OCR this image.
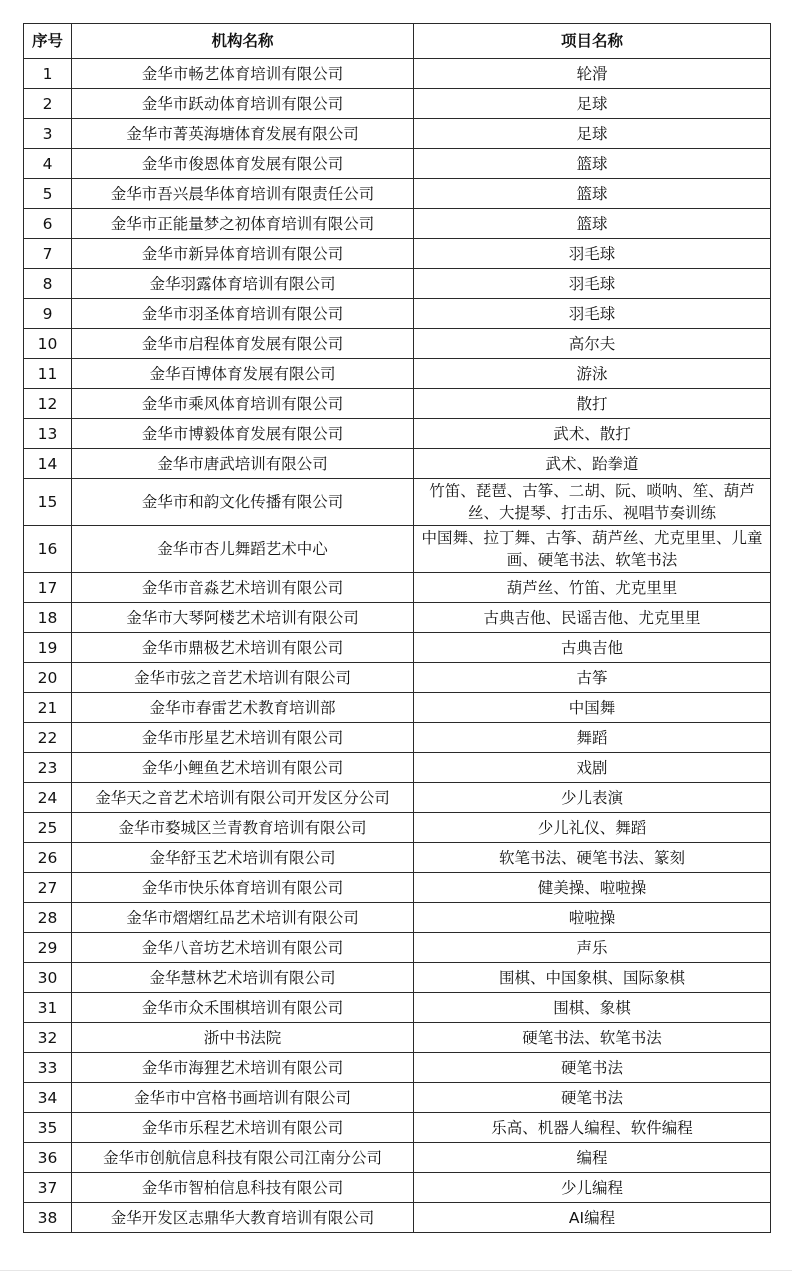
序号	机构名称	项目名称
1	金华市畅艺体育培训有限公司	轮滑
2	金华市跃动体育培训有限公司	足球
3	金华市菁英海塘体育发展有限公司	足球
4	金华市俊恩体育发展有限公司	篮球
5	金华市吾兴晨华体育培训有限责任公司	篮球
6	金华市正能量梦之初体育培训有限公司	篮球
7	金华市新异体育培训有限公司	羽毛球
8	金华羽露体育培训有限公司	羽毛球
9	金华市羽圣体育培训有限公司	羽毛球
10	金华市启程体育发展有限公司	高尔夫
11	金华百博体育发展有限公司	游泳
12	金华市乘风体育培训有限公司	散打
13	金华市博毅体育发展有限公司	武术、散打
14	金华市唐武培训有限公司	武术、跆拳道
15	金华市和韵文化传播有限公司	竹笛、琵琶、古筝、二胡、阮、唢呐、笙、葫芦丝、大提琴、打击乐、视唱节奏训练
16	金华市杏儿舞蹈艺术中心	中国舞、拉丁舞、古筝、葫芦丝、尤克里里、儿童画、硬笔书法、软笔书法
17	金华市音淼艺术培训有限公司	葫芦丝、竹笛、尤克里里
18	金华市大琴阿楼艺术培训有限公司	古典吉他、民谣吉他、尤克里里
19	金华市鼎极艺术培训有限公司	古典吉他
20	金华市弦之音艺术培训有限公司	古筝
21	金华市春雷艺术教育培训部	中国舞
22	金华市彤星艺术培训有限公司	舞蹈
23	金华小鲤鱼艺术培训有限公司	戏剧
24	金华天之音艺术培训有限公司开发区分公司	少儿表演
25	金华市婺城区兰青教育培训有限公司	少儿礼仪、舞蹈
26	金华舒玉艺术培训有限公司	软笔书法、硬笔书法、篆刻
27	金华市快乐体育培训有限公司	健美操、啦啦操
28	金华市熠熠红品艺术培训有限公司	啦啦操
29	金华八音坊艺术培训有限公司	声乐
30	金华慧林艺术培训有限公司	围棋、中国象棋、国际象棋
31	金华市众禾围棋培训有限公司	围棋、象棋
32	浙中书法院	硬笔书法、软笔书法
33	金华市海狸艺术培训有限公司	硬笔书法
34	金华市中宫格书画培训有限公司	硬笔书法
35	金华市乐程艺术培训有限公司	乐高、机器人编程、软件编程
36	金华市创航信息科技有限公司江南分公司	编程
37	金华市智柏信息科技有限公司	少儿编程
38	金华开发区志鼎华大教育培训有限公司	AI编程
